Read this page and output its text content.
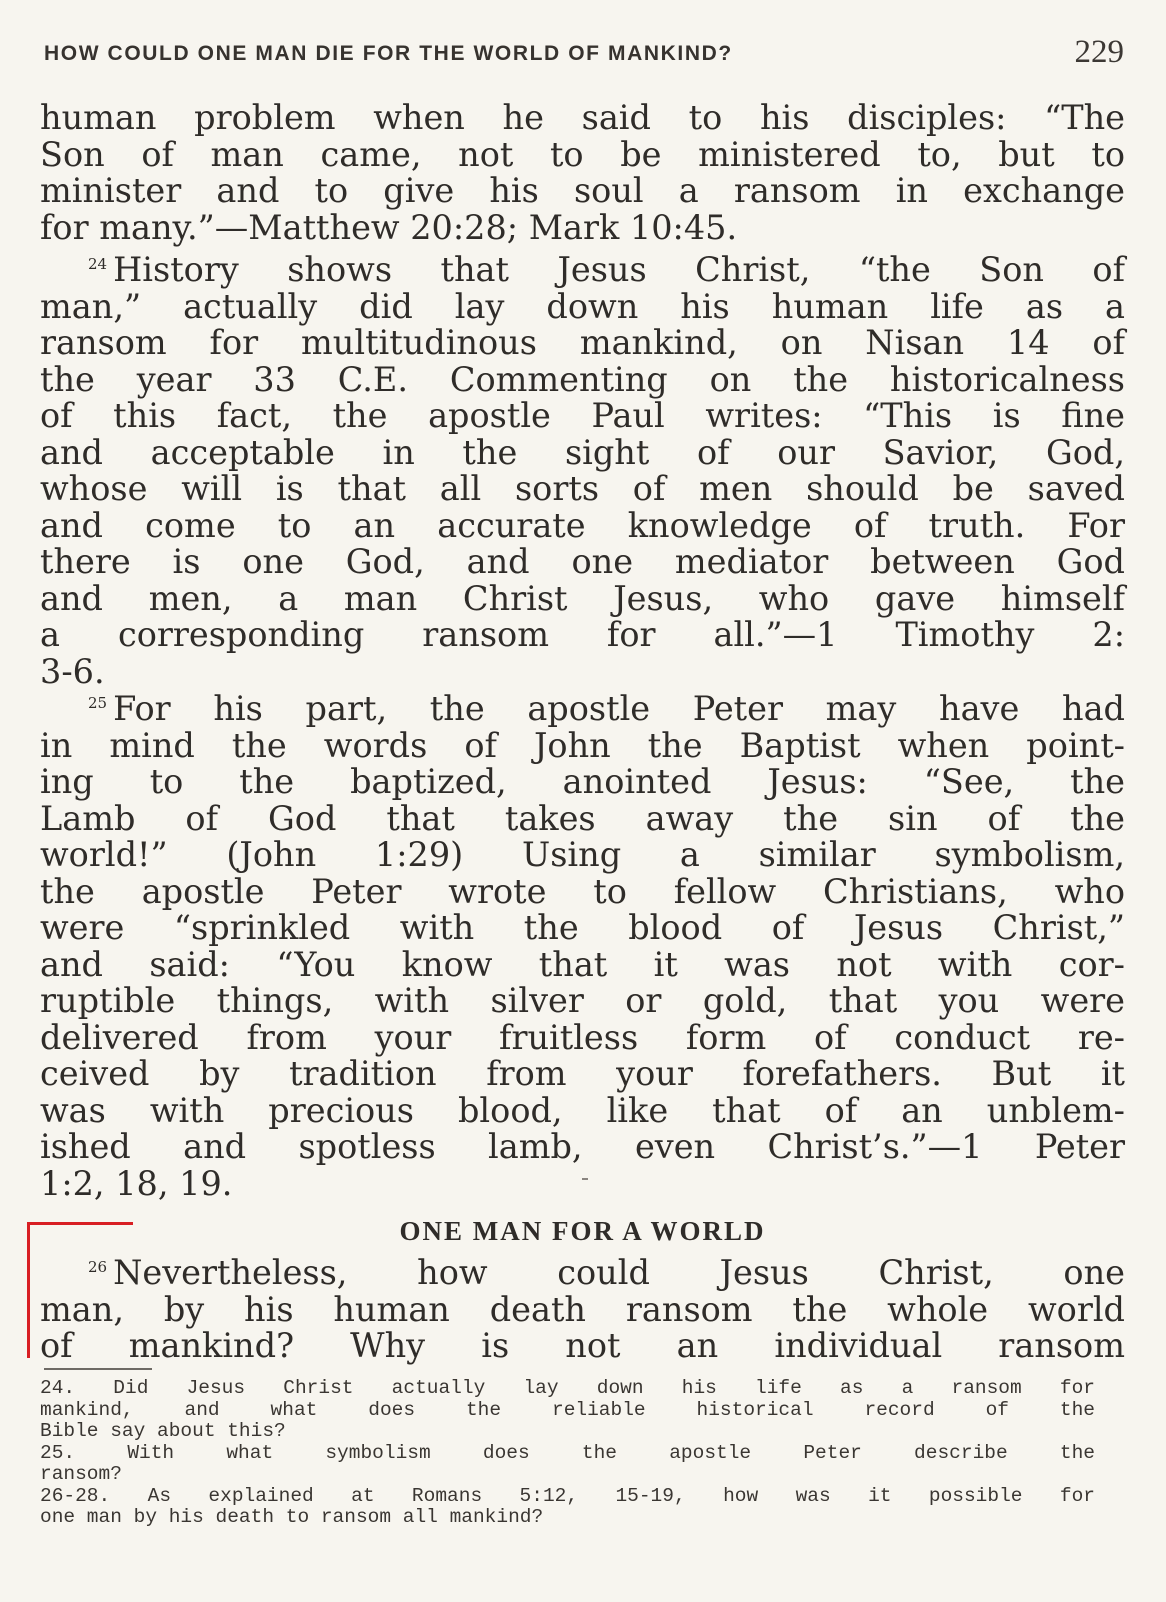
HOW COULD ONE MAN DIE FOR THE WORLD OF MANKIND?	229
human problem when he said to his disciples: “The
Son of man came, not to be ministered to, but to
minister and to give his soul a ransom in exchange
for many.”—Matthew 20:28; Mark 10:45.
$^{24}$ History shows that Jesus Christ, “the Son of
man,” actually did lay down his human life as a
ransom for multitudinous mankind, on Nisan 14 of
the year 33 C.E. Commenting on the historicalness
of this fact, the apostle Paul writes: “This is fine
and acceptable in the sight of our Savior, God,
whose will is that all sorts of men should be saved
and come to an accurate knowledge of truth. For
there is one God, and one mediator between God
and men, a man Christ Jesus, who gave himself
a corresponding ransom for all.”—1 Timothy 2:
3-6.
$^{25}$ For his part, the apostle Peter may have had
in mind the words of John the Baptist when point-
ing to the baptized, anointed Jesus: “See, the
Lamb of God that takes away the sin of the
world!” (John 1:29) Using a similar symbolism,
the apostle Peter wrote to fellow Christians, who
were “sprinkled with the blood of Jesus Christ,”
and said: “You know that it was not with cor-
ruptible things, with silver or gold, that you were
delivered from your fruitless form of conduct re-
ceived by tradition from your forefathers. But it
was with precious blood, like that of an unblem-
ished and spotless lamb, even Christ’s.”—1 Peter
1:2, 18, 19.
ONE MAN FOR A WORLD
$^{26}$ Nevertheless, how could Jesus Christ, one
man, by his human death ransom the whole world
of mankind? Why is not an individual ransom
24. Did Jesus Christ actually lay down his life as a ransom for
mankind, and what does the reliable historical record of the
Bible say about this?
25. With what symbolism does the apostle Peter describe the
ransom?
26-28. As explained at Romans 5:12, 15-19, how was it possible for
one man by his death to ransom all mankind?
